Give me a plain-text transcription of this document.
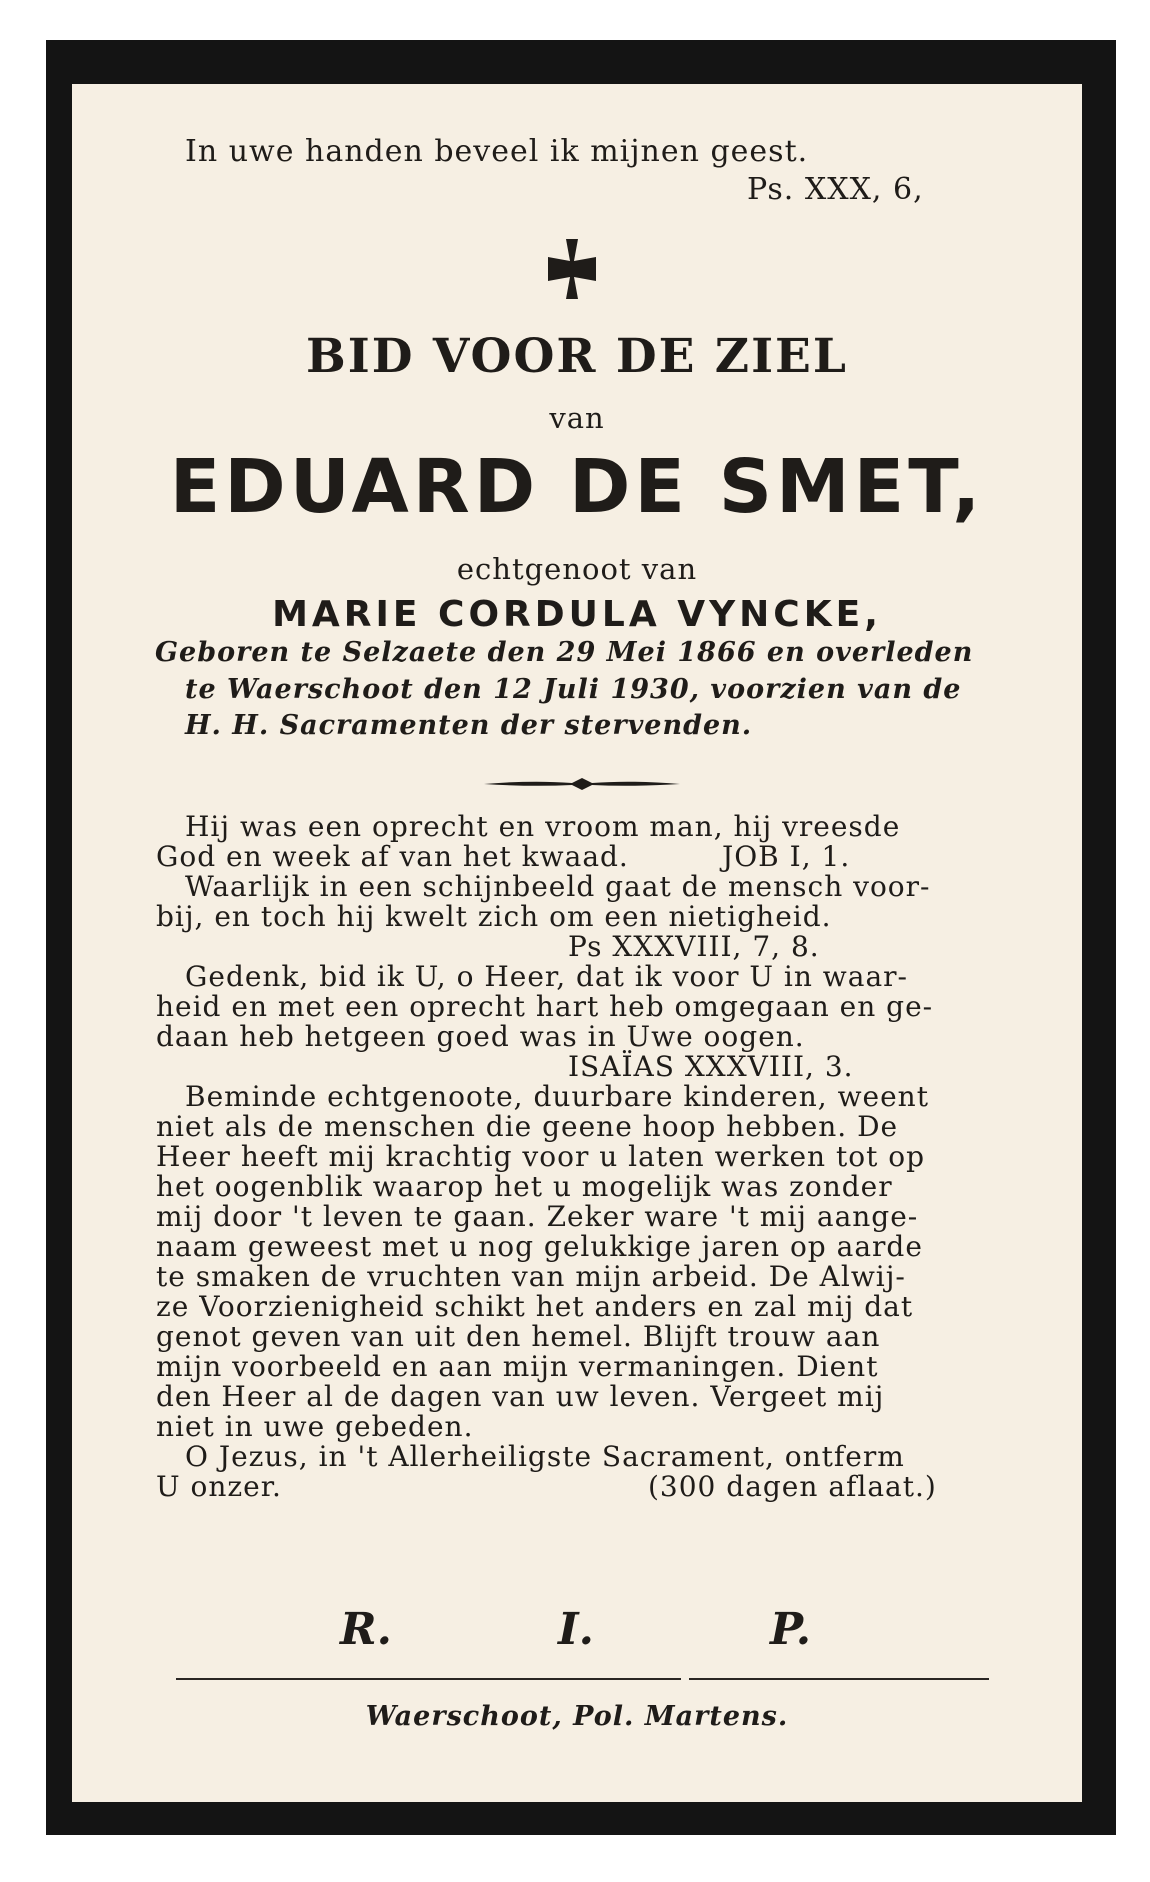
In uwe handen beveel ik mijnen geest.
Ps. XXX, 6,
BID VOOR DE ZIEL
van
EDUARD DE SMET,
echtgenoot van
MARIE CORDULA VYNCKE,
Geboren te Selzaete den 29 Mei 1866 en overleden
te Waerschoot den 12 Juli 1930, voorzien van de
H. H. Sacramenten der stervenden.
Hij was een oprecht en vroom man, hij vreesde
God en week af van het kwaad.	JOB I, 1.
Waarlijk in een schijnbeeld gaat de mensch voor-
bij, en toch hij kwelt zich om een nietigheid.
Ps XXXVIII, 7, 8.
Gedenk, bid ik U, o Heer, dat ik voor U in waar-
heid en met een oprecht hart heb omgegaan en ge-
daan heb hetgeen goed was in Uwe oogen.
ISAÏAS XXXVIII, 3.
Beminde echtgenoote, duurbare kinderen, weent
niet als de menschen die geene hoop hebben. De
Heer heeft mij krachtig voor u laten werken tot op
het oogenblik waarop het u mogelijk was zonder
mij door 't leven te gaan. Zeker ware 't mij aange-
naam geweest met u nog gelukkige jaren op aarde
te smaken de vruchten van mijn arbeid. De Alwij-
ze Voorzienigheid schikt het anders en zal mij dat
genot geven van uit den hemel. Blijft trouw aan
mijn voorbeeld en aan mijn vermaningen. Dient
den Heer al de dagen van uw leven. Vergeet mij
niet in uwe gebeden.
O Jezus, in 't Allerheiligste Sacrament, ontferm
U onzer.	(300 dagen aflaat.)
R.	I.	P.
Waerschoot, Pol. Martens.
